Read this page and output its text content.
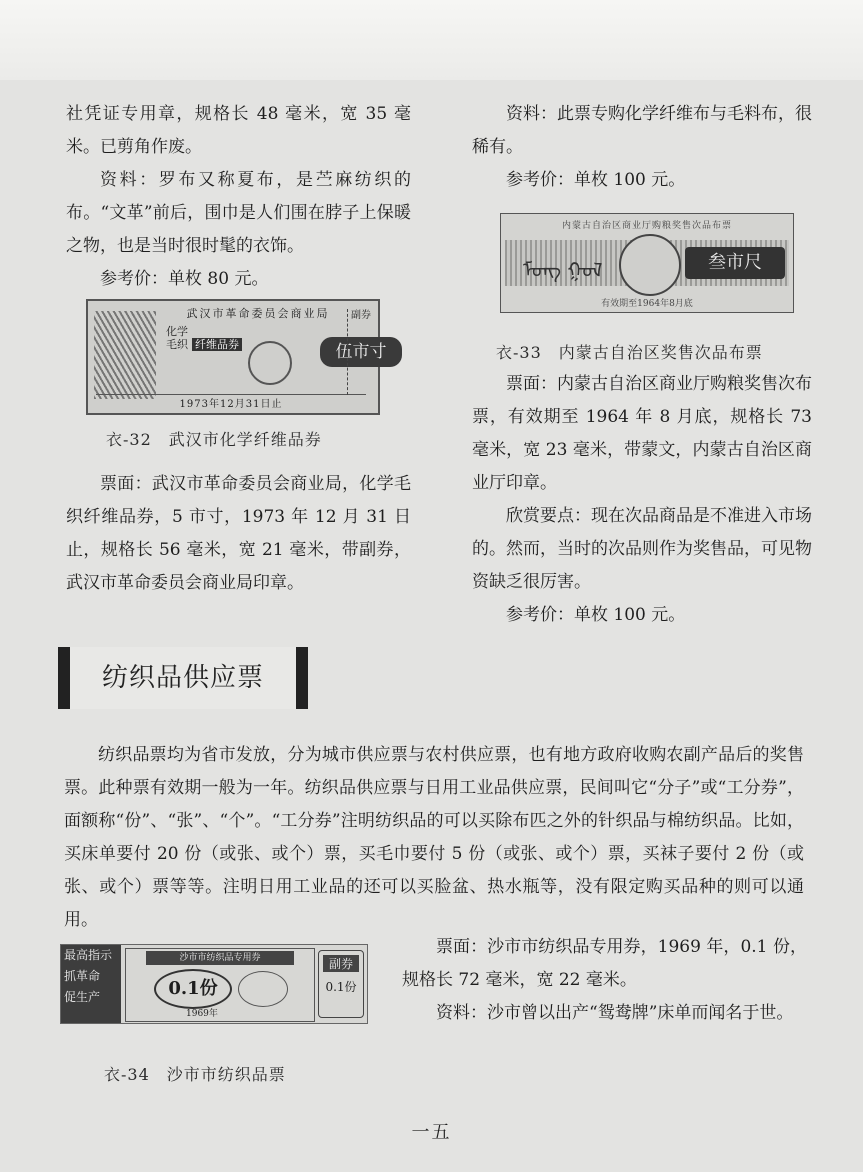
社凭证专用章，规格长 48 毫米，宽 35 毫米。已剪角作废。

资料：罗布又称夏布，是苎麻纺织的布。“文革”前后，围巾是人们围在脖子上保暖之物，也是当时很时髦的衣饰。

参考价：单枚 80 元。

资料：此票专购化学纤维布与毛料布，很稀有。

参考价：单枚 100 元。

武汉市革命委员会商业局
化学
毛织 纤维品券	伍市寸
1973年12月31日止
副券
衣-32　武汉市化学纤维品券

票面：武汉市革命委员会商业局，化学毛织纤维品券，5 市寸，1973 年 12 月 31 日止，规格长 56 毫米，宽 21 毫米，带副券，武汉市革命委员会商业局印章。

内蒙古自治区商业厅购粮奖售次品布票
ᠮᠣᠩ ᠭᠣᠯ	叁市尺
有效期至1964年8月底
衣-33　内蒙古自治区奖售次品布票

票面：内蒙古自治区商业厅购粮奖售次布票，有效期至 1964 年 8 月底，规格长 73 毫米，宽 23 毫米，带蒙文，内蒙古自治区商业厅印章。

欣赏要点：现在次品商品是不准进入市场的。然而，当时的次品则作为奖售品，可见物资缺乏很厉害。

参考价：单枚 100 元。

纺织品供应票

纺织品票均为省市发放，分为城市供应票与农村供应票，也有地方政府收购农副产品后的奖售票。此种票有效期一般为一年。纺织品供应票与日用工业品供应票，民间叫它“分子”或“工分券”，面额称“份”、“张”、“个”。“工分券”注明纺织品的可以买除布匹之外的针织品与棉纺织品。比如，买床单要付 20 份（或张、或个）票，买毛巾要付 5 份（或张、或个）票，买袜子要付 2 份（或张、或个）票等等。注明日用工业品的还可以买脸盆、热水瓶等，没有限定购买品种的则可以通用。

最高指示
抓革命
促生产
沙市市纺织品专用券
0.1份
1969年
副券
0.1份

票面：沙市市纺织品专用券，1969 年，0.1 份，规格长 72 毫米，宽 22 毫米。

资料：沙市曾以出产“鸳鸯牌”床单而闻名于世。

衣-34　沙市市纺织品票
一五
